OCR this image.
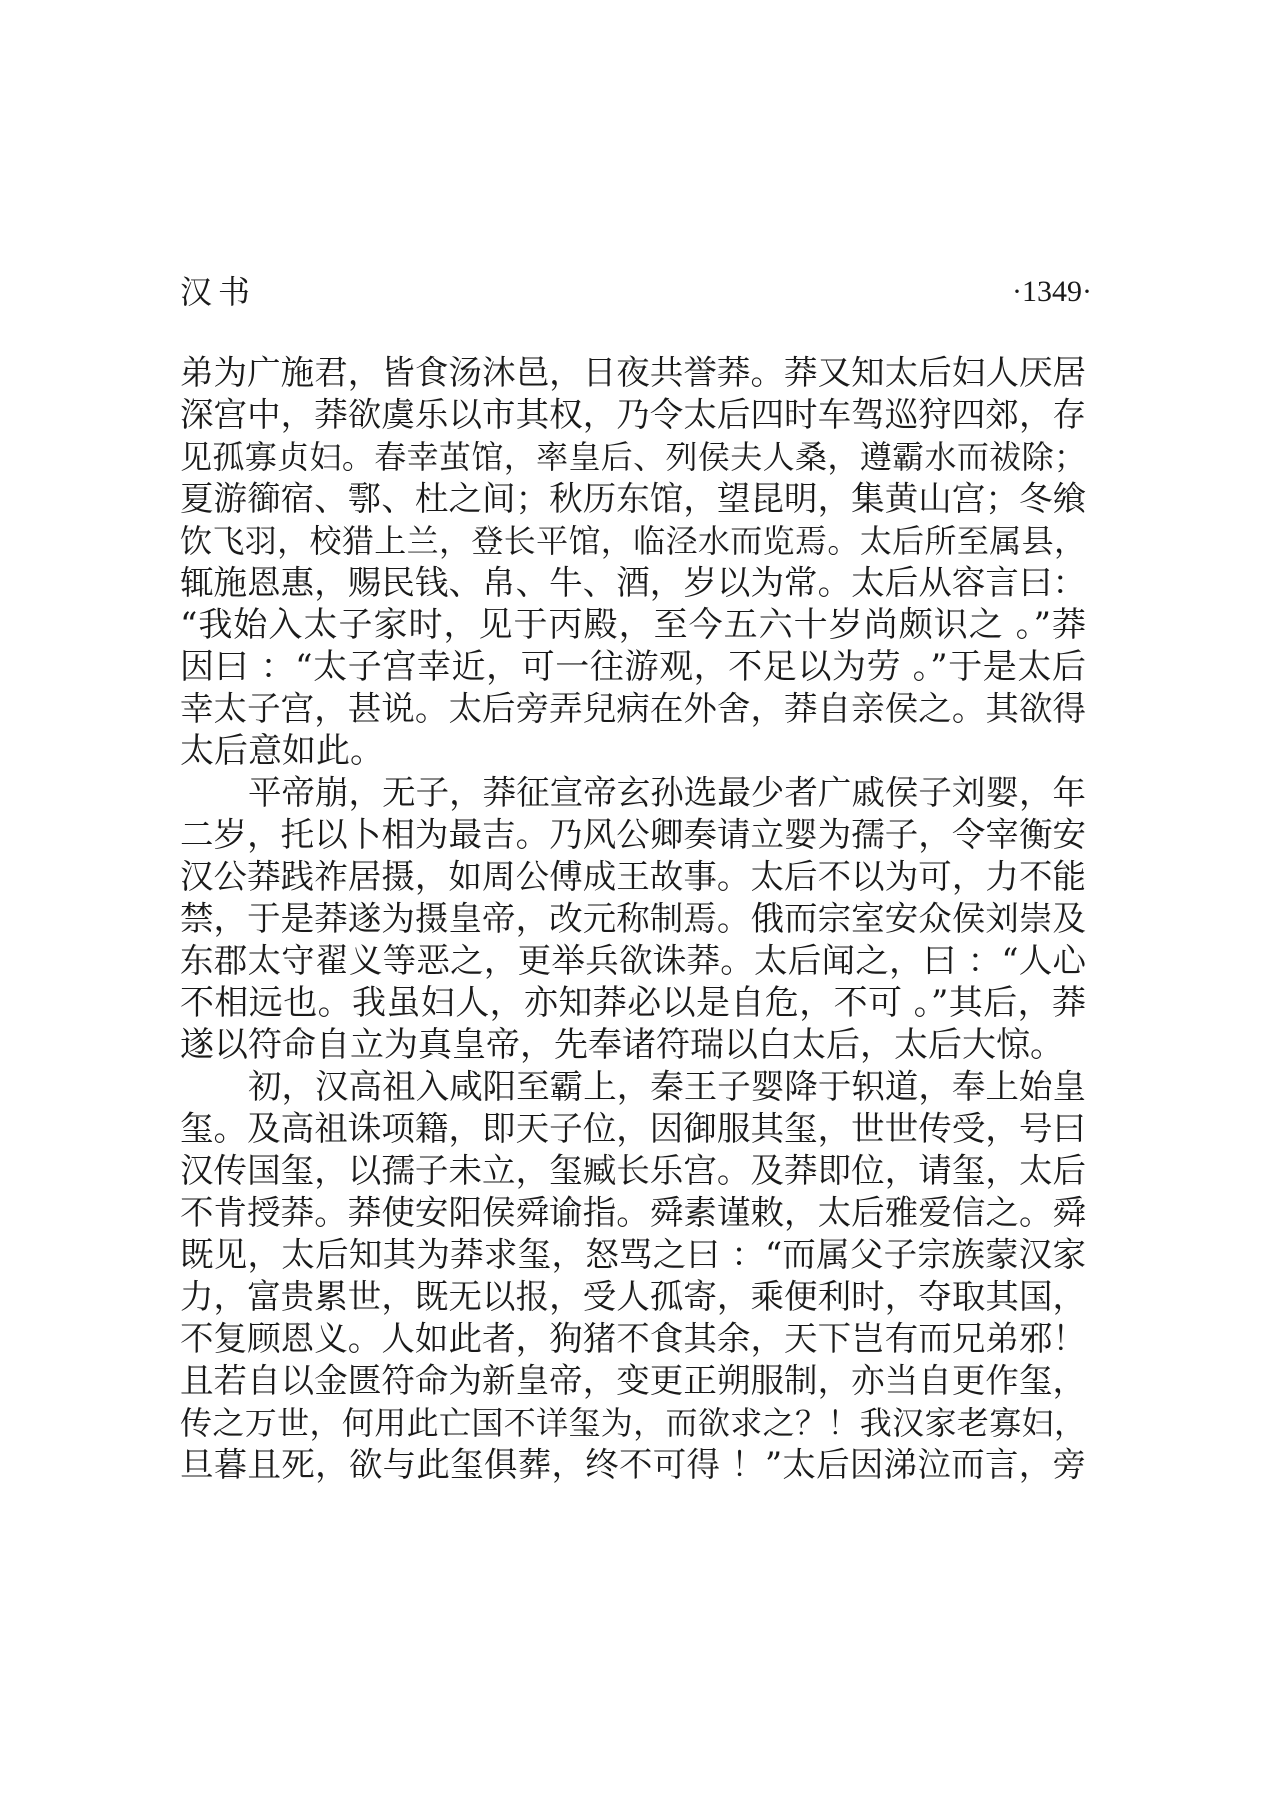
汉书	·1349·
弟为广施君，皆食汤沐邑，日夜共誉莽。莽又知太后妇人厌居
深宫中，莽欲虞乐以市其权，乃令太后四时车驾巡狩四郊，存
见孤寡贞妇。春幸茧馆，率皇后、列侯夫人桑，遵霸水而祓除；
夏游篽宿、鄠、杜之间；秋历东馆，望昆明，集黄山宫；冬飨
饮飞羽，校猎上兰，登长平馆，临泾水而览焉。太后所至属县，
辄施恩惠，赐民钱、帛、牛、酒，岁以为常。太后从容言曰：
“我始入太子家时，见于丙殿，至今五六十岁尚颇识之 。”莽
因曰 ：“太子宫幸近，可一往游观，不足以为劳 。”于是太后
幸太子宫，甚说。太后旁弄兒病在外舍，莽自亲侯之。其欲得
太后意如此。
平帝崩，无子，莽征宣帝玄孙选最少者广戚侯子刘婴，年
二岁，托以卜相为最吉。乃风公卿奏请立婴为孺子，令宰衡安
汉公莽践祚居摄，如周公傅成王故事。太后不以为可，力不能
禁，于是莽遂为摄皇帝，改元称制焉。俄而宗室安众侯刘崇及
东郡太守翟义等恶之，更举兵欲诛莽。太后闻之，曰 ：“人心
不相远也。我虽妇人，亦知莽必以是自危，不可 。”其后，莽
遂以符命自立为真皇帝，先奉诸符瑞以白太后，太后大惊。
初，汉高祖入咸阳至霸上，秦王子婴降于轵道，奉上始皇
玺。及高祖诛项籍，即天子位，因御服其玺，世世传受，号曰
汉传国玺，以孺子未立，玺臧长乐宫。及莽即位，请玺，太后
不肯授莽。莽使安阳侯舜谕指。舜素谨敕，太后雅爱信之。舜
既见，太后知其为莽求玺，怒骂之曰 ：“而属父子宗族蒙汉家
力，富贵累世，既无以报，受人孤寄，乘便利时，夺取其国，
不复顾恩义。人如此者，狗猪不食其余，天下岂有而兄弟邪！
且若自以金匮符命为新皇帝，变更正朔服制，亦当自更作玺，
传之万世，何用此亡国不详玺为，而欲求之？！我汉家老寡妇，
旦暮且死，欲与此玺俱葬，终不可得 ！”太后因涕泣而言，旁
